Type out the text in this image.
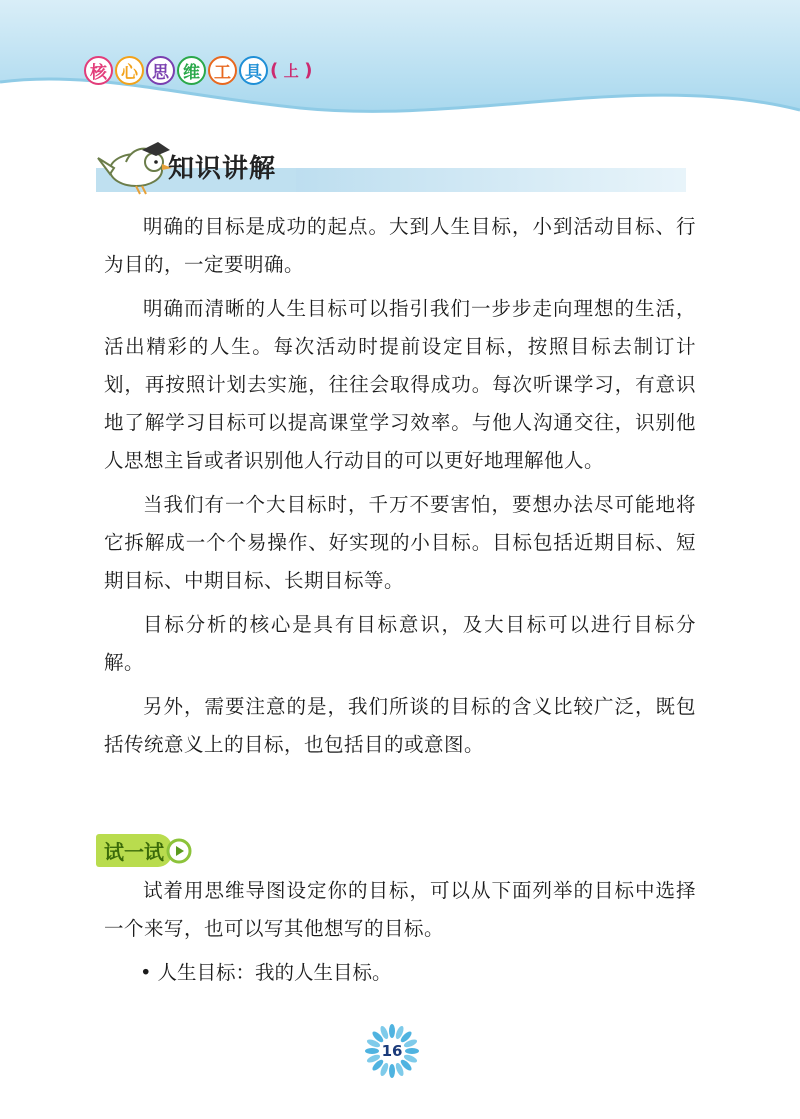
核 心 思 维 工 具 ( 上 )
知识讲解

明确的目标是成功的起点。大到人生目标，小到活动目标、行为目的，一定要明确。

明确而清晰的人生目标可以指引我们一步步走向理想的生活，活出精彩的人生。每次活动时提前设定目标，按照目标去制订计划，再按照计划去实施，往往会取得成功。每次听课学习，有意识地了解学习目标可以提高课堂学习效率。与他人沟通交往，识别他人思想主旨或者识别他人行动目的可以更好地理解他人。

当我们有一个大目标时，千万不要害怕，要想办法尽可能地将它拆解成一个个易操作、好实现的小目标。目标包括近期目标、短期目标、中期目标、长期目标等。

目标分析的核心是具有目标意识，及大目标可以进行目标分解。

另外，需要注意的是，我们所谈的目标的含义比较广泛，既包括传统意义上的目标，也包括目的或意图。

试一试

试着用思维导图设定你的目标，可以从下面列举的目标中选择一个来写，也可以写其他想写的目标。

• 人生目标：我的人生目标。
16
